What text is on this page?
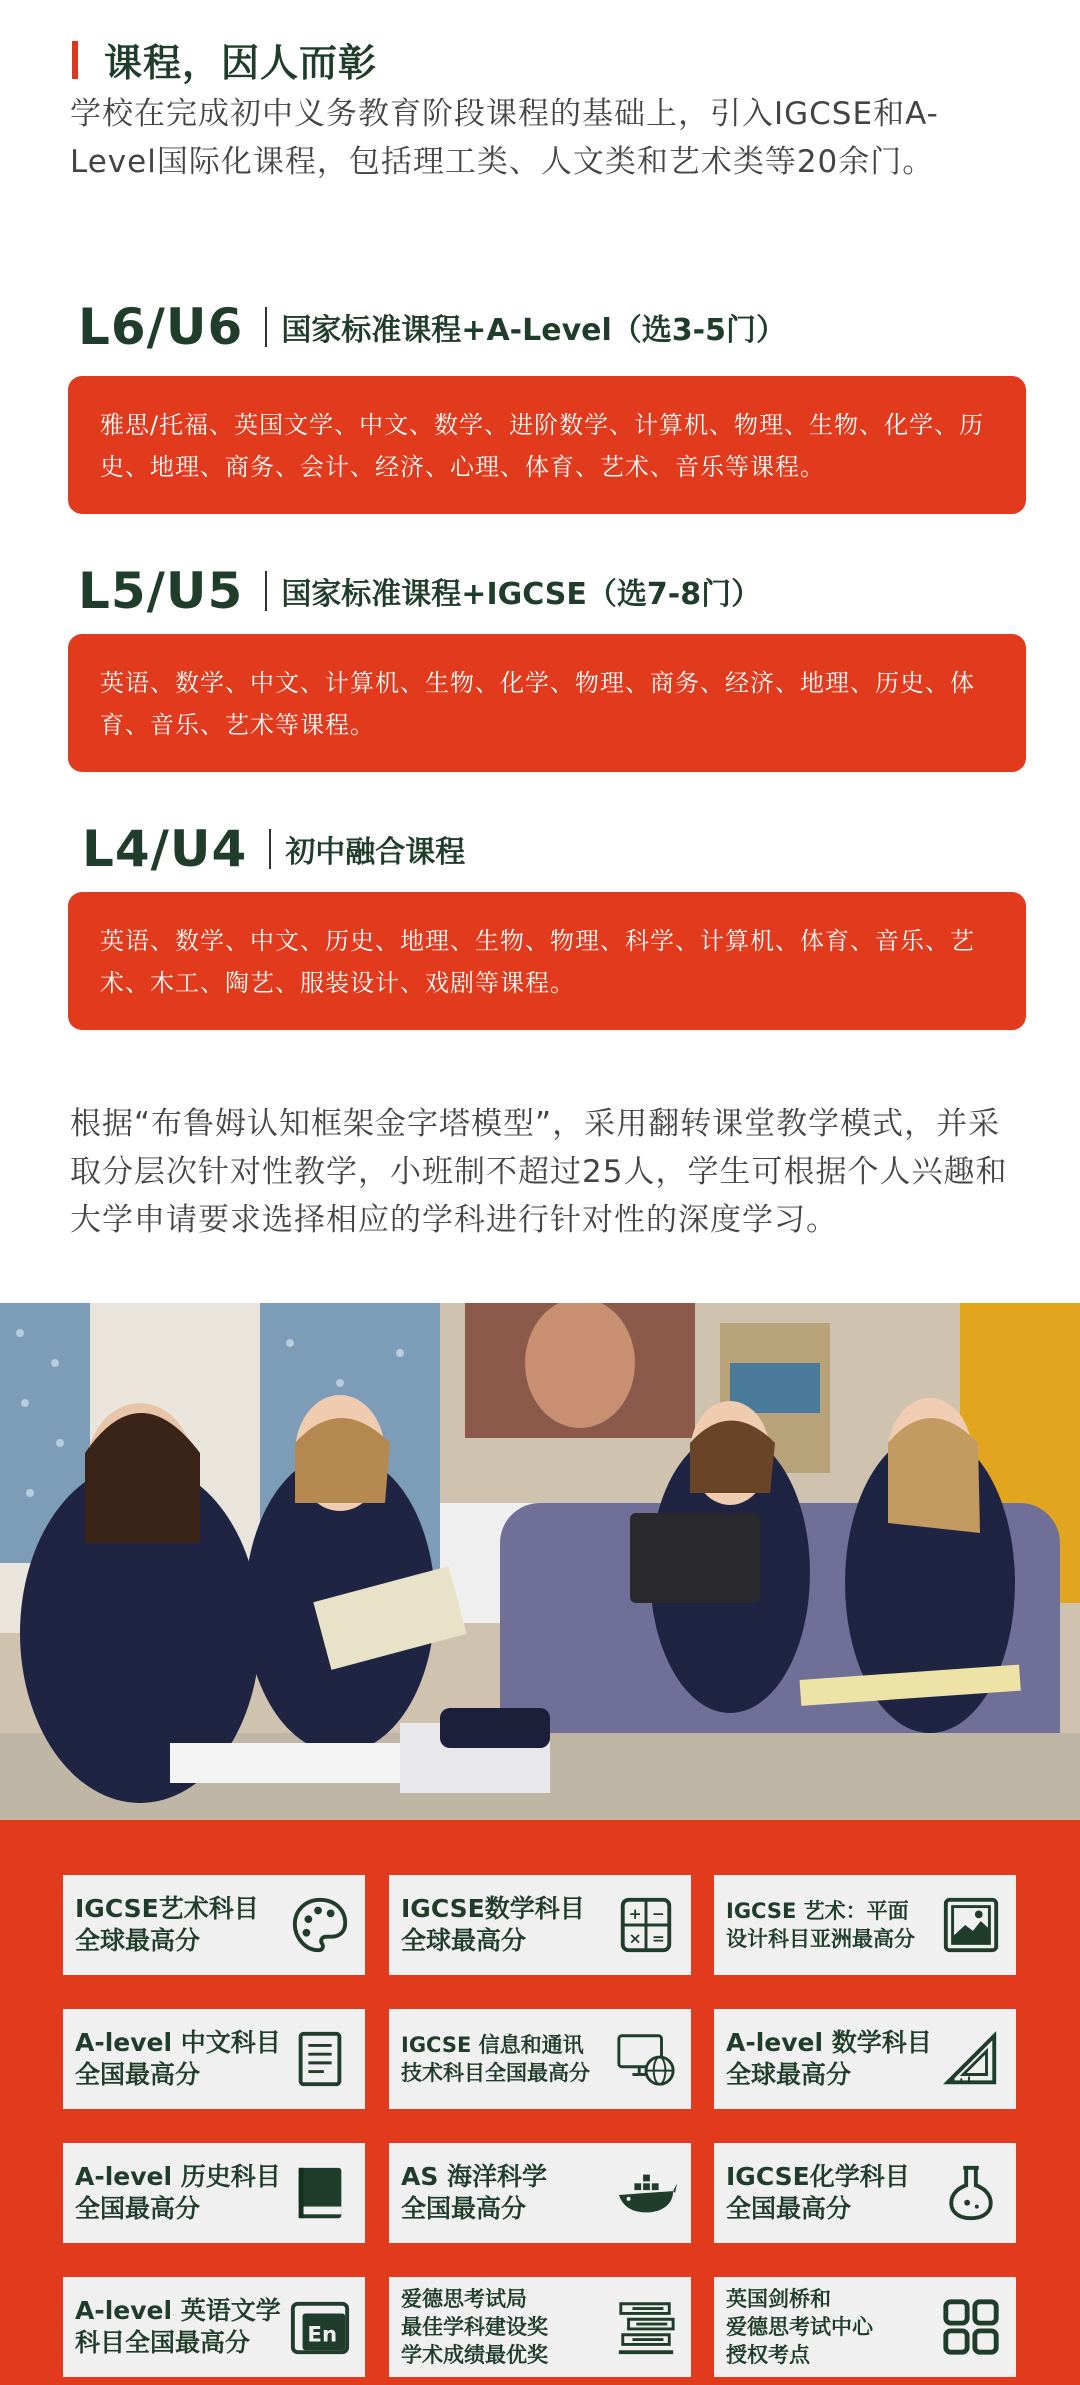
课程，因人而彰
学校在完成初中义务教育阶段课程的基础上，引入IGCSE和A-Level国际化课程，包括理工类、人文类和艺术类等20余门。
L6/U6 国家标准课程+A-Level（选3-5门）
雅思/托福、英国文学、中文、数学、进阶数学、计算机、物理、生物、化学、历史、地理、商务、会计、经济、心理、体育、艺术、音乐等课程。
L5/U5 国家标准课程+IGCSE（选7-8门）
英语、数学、中文、计算机、生物、化学、物理、商务、经济、地理、历史、体育、音乐、艺术等课程。
L4/U4 初中融合课程
英语、数学、中文、历史、地理、生物、物理、科学、计算机、体育、音乐、艺术、木工、陶艺、服装设计、戏剧等课程。
根据“布鲁姆认知框架金字塔模型”，采用翻转课堂教学模式，并采取分层次针对性教学，小班制不超过25人，学生可根据个人兴趣和大学申请要求选择相应的学科进行针对性的深度学习。
IGCSE艺术科目
全球最高分
IGCSE数学科目
全球最高分
+ −
× =
IGCSE 艺术：平面
设计科目亚洲最高分
A-level 中文科目
全国最高分
IGCSE 信息和通讯
技术科目全国最高分
A-level 数学科目
全球最高分
A-level 历史科目
全国最高分
AS 海洋科学
全国最高分
IGCSE化学科目
全国最高分
A-level 英语文学
科目全国最高分	En
爱德思考试局
最佳学科建设奖
学术成绩最优奖
英国剑桥和
爱德思考试中心
授权考点
